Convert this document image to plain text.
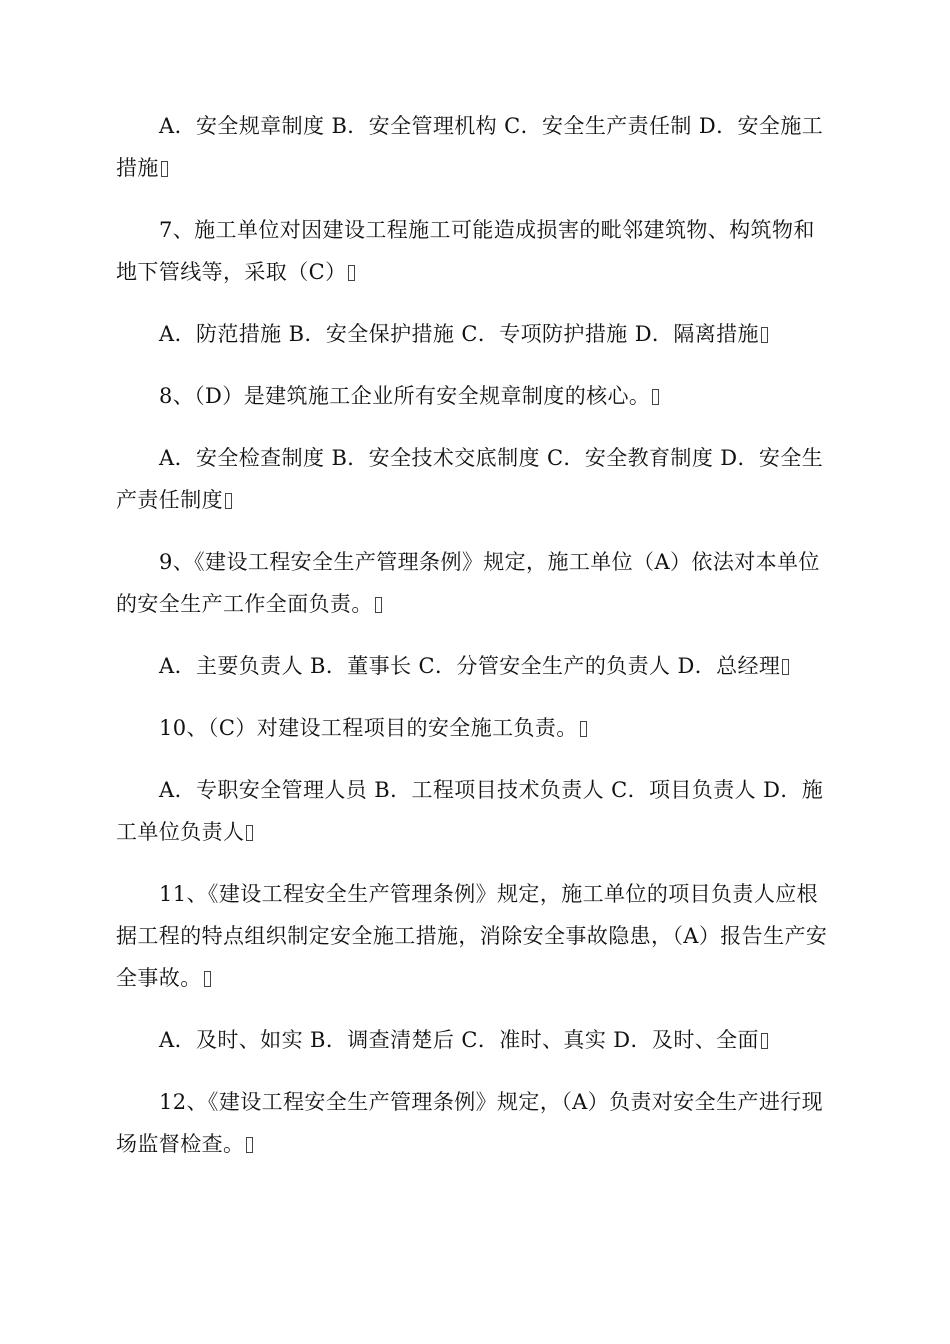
A．安全规章制度 B．安全管理机构 C．安全生产责任制 D．安全施工措施

7、施工单位对因建设工程施工可能造成损害的毗邻建筑物、构筑物和地下管线等，采取（C）

A．防范措施 B．安全保护措施 C．专项防护措施 D．隔离措施

8、（D）是建筑施工企业所有安全规章制度的核心。

A．安全检查制度 B．安全技术交底制度 C．安全教育制度 D．安全生产责任制度

9、《建设工程安全生产管理条例》规定，施工单位（A）依法对本单位的安全生产工作全面负责。

A．主要负责人 B．董事长 C．分管安全生产的负责人 D．总经理

10、（C）对建设工程项目的安全施工负责。

A．专职安全管理人员 B．工程项目技术负责人 C．项目负责人 D．施工单位负责人

11、《建设工程安全生产管理条例》规定，施工单位的项目负责人应根据工程的特点组织制定安全施工措施，消除安全事故隐患，（A）报告生产安全事故。

A．及时、如实 B．调查清楚后 C．准时、真实 D．及时、全面

12、《建设工程安全生产管理条例》规定，（A）负责对安全生产进行现场监督检查。
